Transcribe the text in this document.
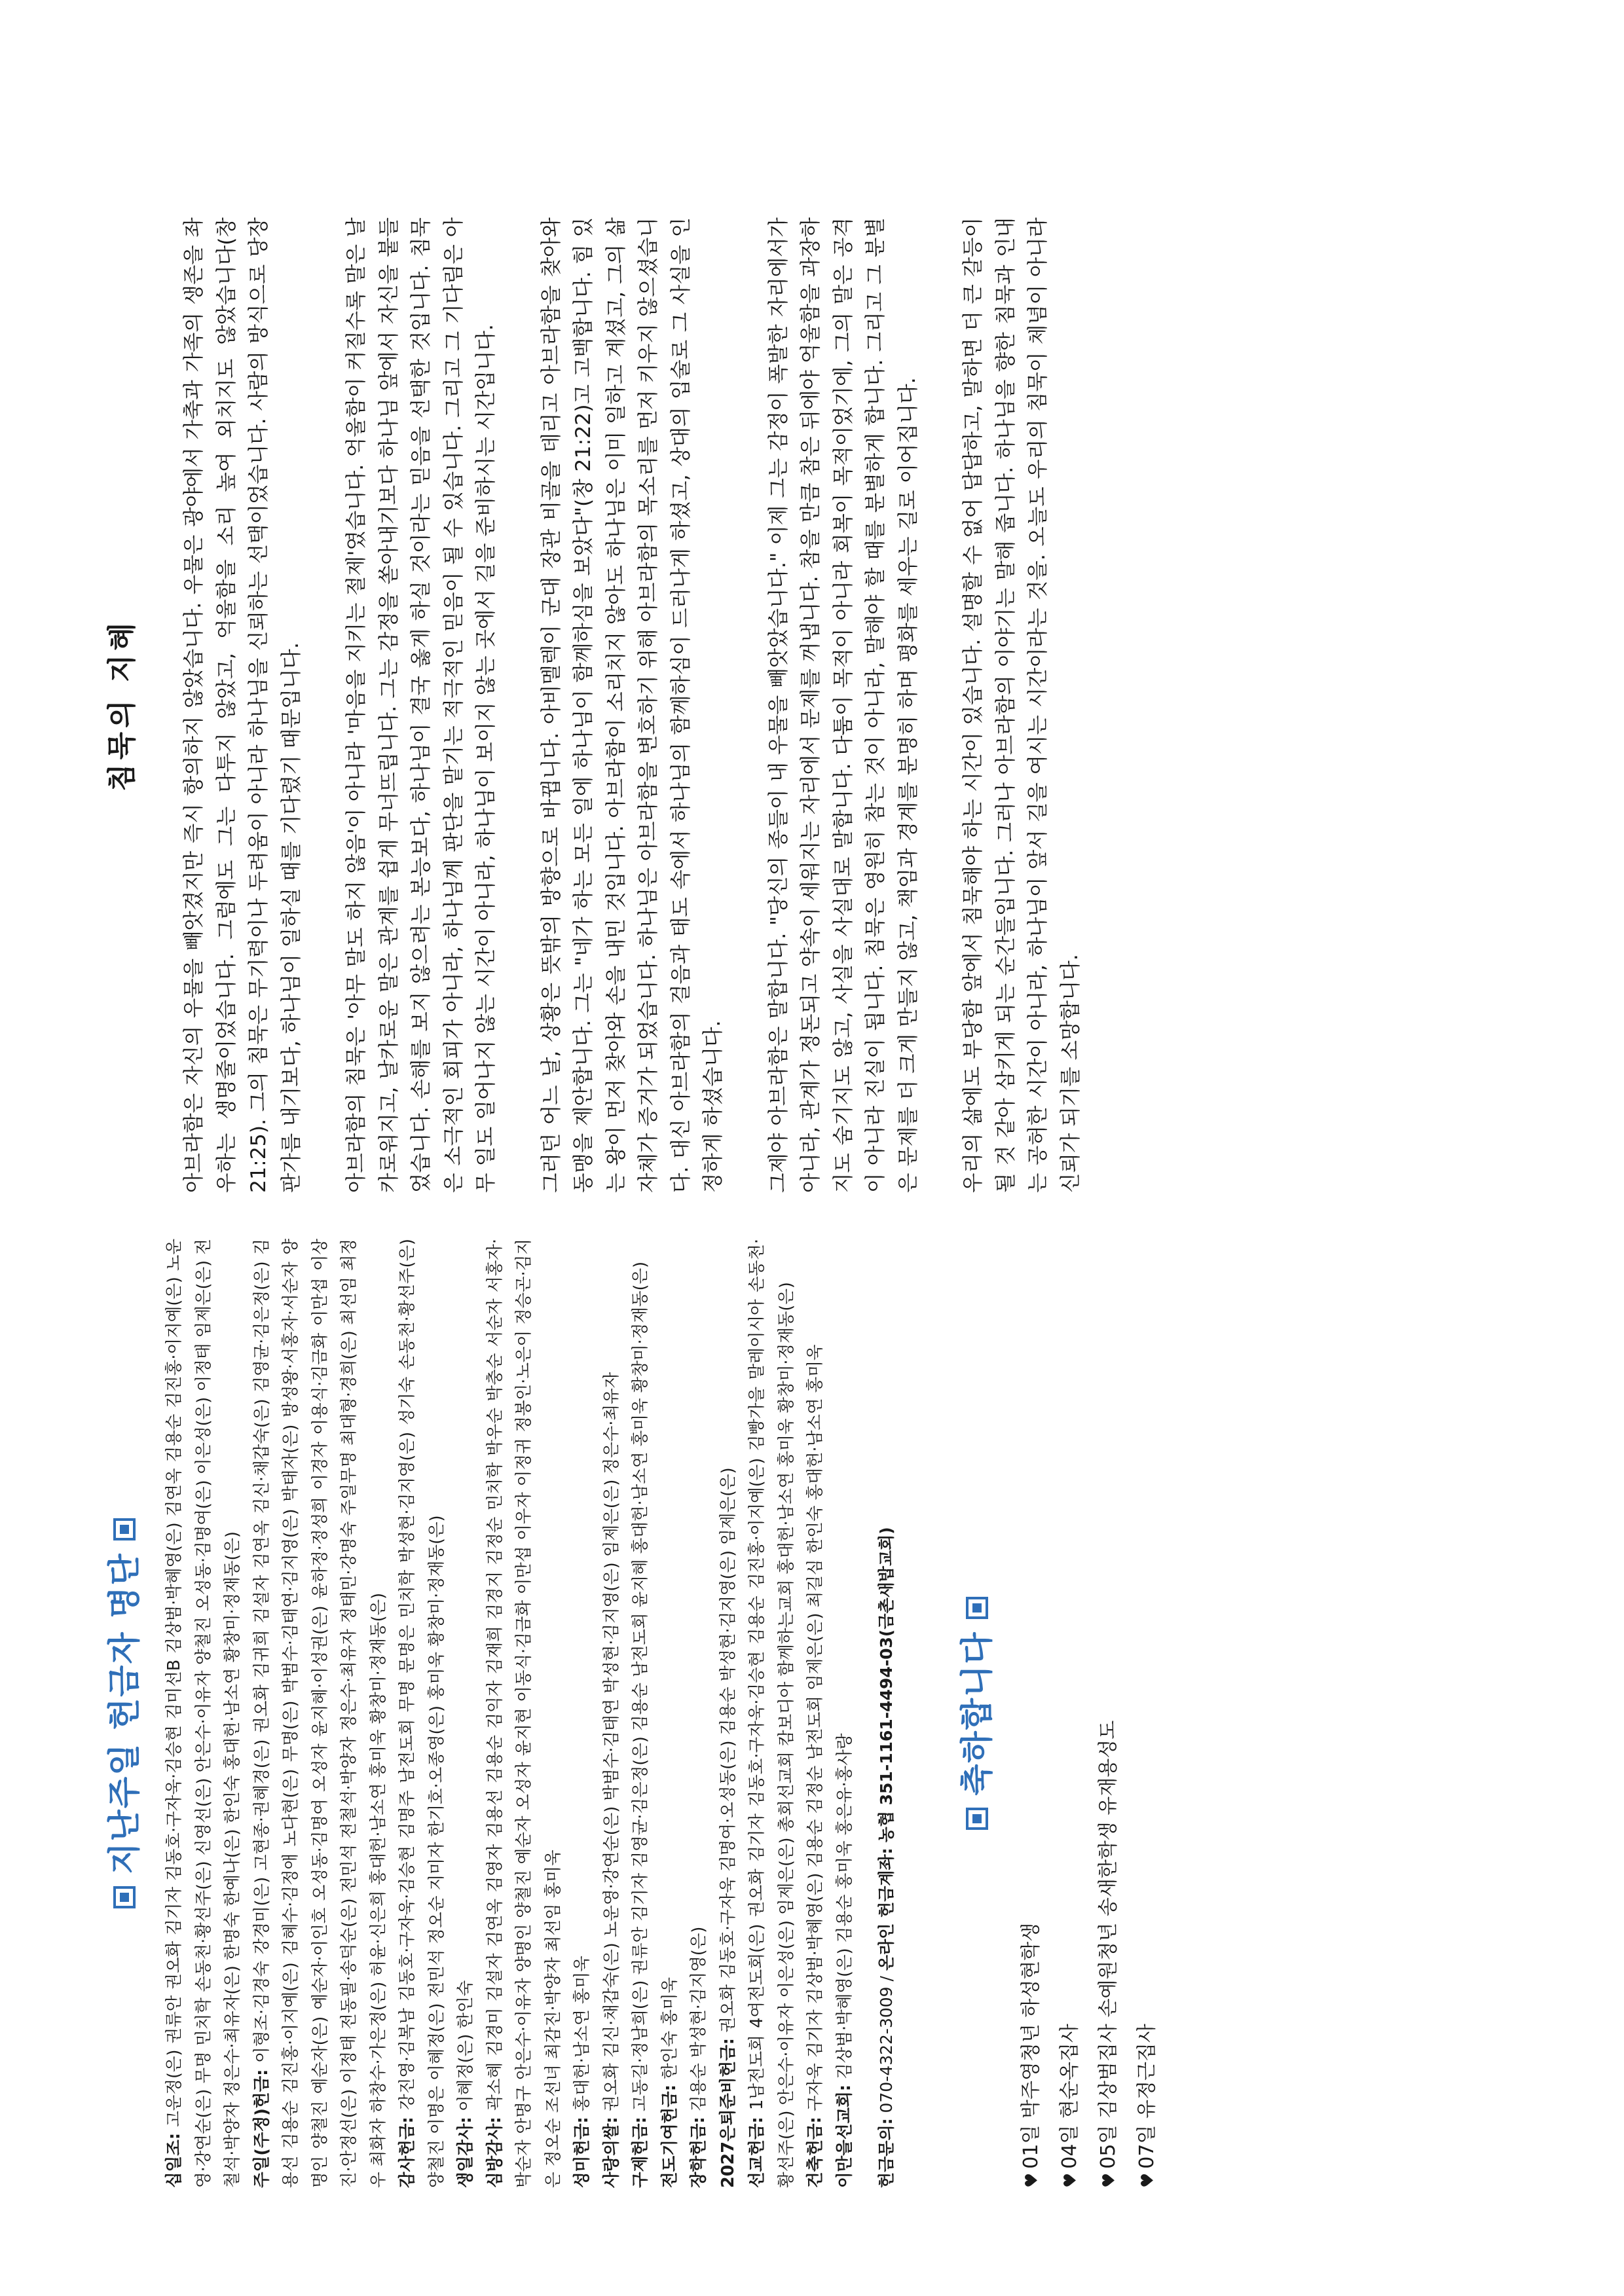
지난주일 헌금자 명단

십일조: 고운정(은) 권류안 권오화 김기자 김동호·구자욱·김승현 김미선B 김상범·박혜영(은) 김연옥 김용순 김진홍·이지예(은) 노운영·강연순(은) 무명 민치학 손동천·황선주(은) 신영선(은) 안은수·이유자 양철진 오성동·김명여(은) 이은성(은) 이정태 임제은(은) 전철석·박양자 정은수·최유자(은) 한명숙 한예나(은) 한인숙 홍대헌·남소연 황창미·정재동(은) 주일(주정)헌금: 이형조·김경숙 강경미(은) 고현종·권혜경(은) 권오화 김귀희 김설자 김연옥 김신·채갑숙(은) 김영균·김은정(은) 김용선 김용순 김진홍·이지예(은) 김혜수·김정애 노다현(은) 무명(은) 박범수·김태연·김지영(은) 박태자(은) 방성왕·서홍자·서순자 양명인 양철진 예순자(은) 예순자·이인호 오성동·김명여 오성자 윤지혜·이성권(은) 윤하정·정성희 이경자 이용식·김금화 이만섭 이상진·안정선(은) 이정태 전동필·송덕순(은) 전민석 전철석·박양자 정은수·최유자 정태민·강명숙 주일무명 최대형·경희(은) 최선임 최정우 최화자 하창수·가은정(은) 허윤·신은희 홍대헌·남소연 홍미욱 황창미·정재동(은) 감사헌금: 강진영·김복남 김동호·구자욱·김승현 김명주 남전도회 무명 문명은 민치학 박성현·김지영(은) 성기숙 손동천·황선주(은) 양철진 이명은 이혜정(은) 전민석 정오순 지미자 한기호·오종영(은) 홍미욱 황창미·정재동(은) 생일감사: 이혜정(은) 한인숙

심방감사: 곽소혜 김경미 김설자 김연옥 김영자 김용선 김용순 김익자 김재희 김경지 김정순 민치학 박우순 박충순 서순자 서홍자·박순자 안명구 안은수·이유자 양명인 양철진 예순자 오성자 윤지현 이동식·김금화 이만섭 이우자 이정귀 정봉인·노은이 정승곤·김지은 정오순 조선녀 최감진·박양자 최선임 홍미욱 성미헌금: 홍대헌·남소연 홍미욱

사랑의쌀: 권오화 김신·채갑숙(은) 노운영·강연순(은) 박범수·김태연 박성현·김지영(은) 임제은(은) 정은수·최유자

구제헌금: 고동길·정남희(은) 권류안 김기자 김영균·김은정(은) 김용순 남전도회 윤지혜 홍대헌·남소연 홍미욱 황창미·정재동(은)

전도기여헌금: 한인숙 홍미욱

장학헌금: 김용순 박성현·김지영(은)

2027은퇴준비헌금: 권오화 김동호·구자욱 김명여·오성동(은) 김용순 박성현·김지영(은) 임제은(은)

선교헌금: 1남전도회 4여전도회(은) 권오화 김기자 김동호·구자욱·김승현 김용순 김진홍·이지예(은) 김빵가을 말레이시아 손동천·황선주(은) 안은수·이유자 이은성(은) 임제은(은) 총회선교회 캄보디아 함께하는교회 홍대헌·남소연 홍미욱 황창미·정재동(은) 건축헌금: 구자욱 김기자 김상범·박혜영(은) 김용순 김정순 남전도회 임제은(은) 최길심 한인숙 홍대헌·남소연 홍미욱

이만을선교회: 김상범·박혜영(은) 김용순 홍미욱 홍은유·홍사랑

헌금문의: 070-4322-3009 / 온라인 헌금계좌: 농협 351-1161-4494-03(금촌새밥교회) 축하합니다
♥01일 박주영청년 하성현학생
♥04일 현순옥집사
♥05일 김상범집사 손예원청년 송새한학생 유재용성도
♥07일 유정근집사
침묵의 지혜 아브라함은 자신의 우물을 빼앗겼지만 즉시 항의하지 않았습니다. 우물은 광야에서 가축과 가족의 생존을 좌우하는 생명줄이었습니다. 그럼에도 그는 다투지 않았고, 억울함을 소리 높여 외치지도 않았습니다(창 21:25). 그의 침묵은 무기력이나 두려움이 아니라 하나님을 신뢰하는 선택이었습니다. 사람의 방식으로 당장 판가름 내기보다, 하나님이 일하실 때를 기다렸기 때문입니다. 아브라함의 침묵은 '아무 말도 하지 않음'이 아니라 '마음을 지키는 절제'였습니다. 억울함이 커질수록 말은 날카로워지고, 날카로운 말은 관계를 쉽게 무너뜨립니다. 그는 감정을 쏟아내기보다 하나님 앞에서 자신을 붙들었습니다. 손해를 보지 않으려는 본능보다, 하나님이 결국 옳게 하실 것이라는 믿음을 선택한 것입니다. 침묵은 소극적인 회피가 아니라, 하나님께 판단을 맡기는 적극적인 믿음이 될 수 있습니다. 그리고 그 기다림은 아무 일도 일어나지 않는 시간이 아니라, 하나님이 보이지 않는 곳에서 길을 준비하시는 시간입니다. 그러던 어느 날, 상황은 뜻밖의 방향으로 바뀝니다. 아비멜렉이 군대 장관 비골을 데리고 아브라함을 찾아와 동맹을 제안합니다. 그는 "네가 하는 모든 일에 하나님이 함께하심을 보았다"(창 21:22)고 고백합니다. 힘 있는 왕이 먼저 찾아와 손을 내민 것입니다. 아브라함이 소리치지 않아도 하나님은 이미 일하고 계셨고, 그의 삶 자체가 증거가 되었습니다. 하나님은 아브라함을 변호하기 위해 아브라함의 목소리를 먼저 키우지 않으셨습니다. 대신 아브라함의 걸음과 태도 속에서 하나님의 함께하심이 드러나게 하셨고, 상대의 입술로 그 사실을 인정하게 하셨습니다. 그제야 아브라함은 말합니다. "당신의 종들이 내 우물을 빼앗았습니다." 이제 그는 감정이 폭발한 자리에서가 아니라, 관계가 정돈되고 약속이 세워지는 자리에서 문제를 꺼냅니다. 참을 만큼 참은 뒤에야 억울함을 과장하지도 숨기지도 않고, 사실을 사실대로 말합니다. 다툼이 목적이 아니라 회복이 목적이었기에, 그의 말은 공격이 아니라 진실이 됩니다. 침묵은 영원히 참는 것이 아니라, 말해야 할 때를 분별하게 합니다. 그리고 그 분별은 문제를 더 크게 만들지 않고, 책임과 경계를 분명히 하며 평화를 세우는 길로 이어집니다. 우리의 삶에도 부당함 앞에서 침묵해야 하는 시간이 있습니다. 설명할 수 없어 답답하고, 말하면 더 큰 갈등이 될 것 같아 삼키게 되는 순간들입니다. 그러나 아브라함의 이야기는 말해 줍니다. 하나님을 향한 침묵과 인내는 공허한 시간이 아니라, 하나님이 앞서 길을 여시는 시간이라는 것을. 오늘도 우리의 침묵이 체념이 아니라 신뢰가 되기를 소망합니다.
